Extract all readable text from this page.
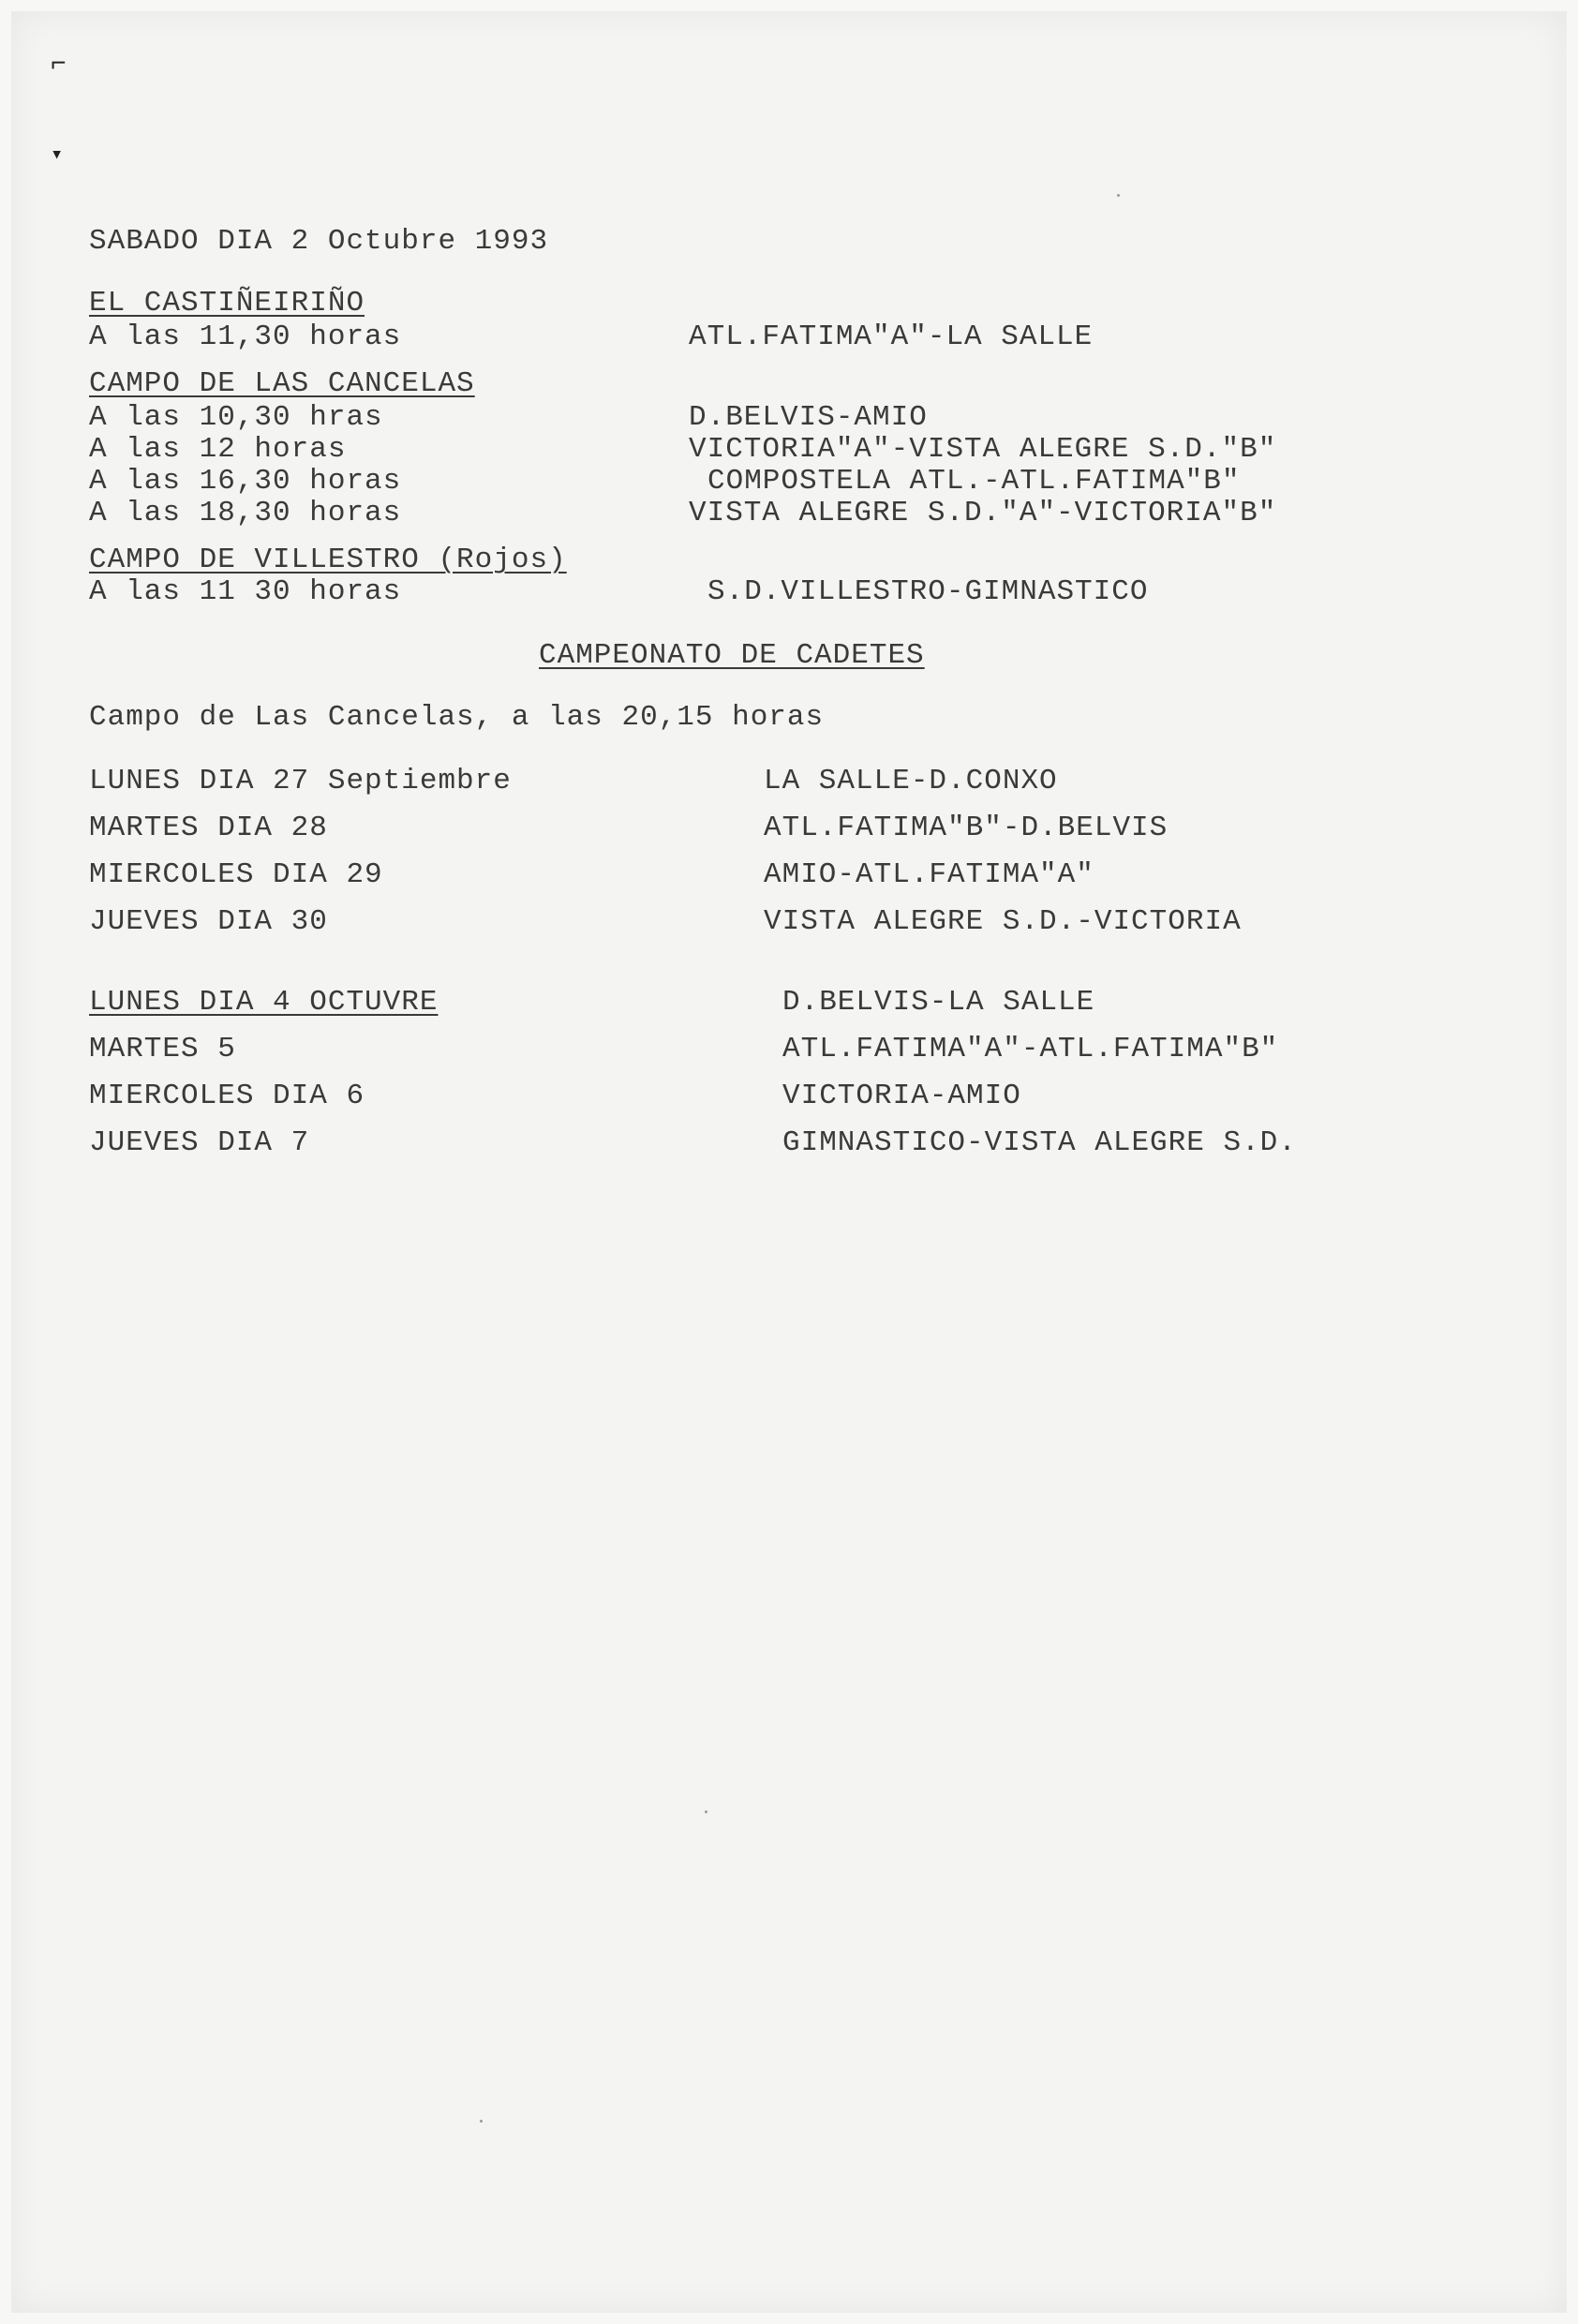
⌐
▾
SABADO DIA 2 Octubre 1993
EL CASTIÑEIRIÑO
A las 11,30 horas	ATL.FATIMA"A"-LA SALLE
CAMPO DE LAS CANCELAS
A las 10,30 hras	D.BELVIS-AMIO
A las 12 horas	VICTORIA"A"-VISTA ALEGRE S.D."B"
A las 16,30 horas	COMPOSTELA ATL.-ATL.FATIMA"B"
A las 18,30 horas	VISTA ALEGRE S.D."A"-VICTORIA"B"
CAMPO DE VILLESTRO (Rojos)
A las 11 30 horas	S.D.VILLESTRO-GIMNASTICO
CAMPEONATO DE CADETES
Campo de Las Cancelas, a las 20,15 horas
LUNES DIA 27 Septiembre	LA SALLE-D.CONXO
MARTES DIA 28	ATL.FATIMA"B"-D.BELVIS
MIERCOLES DIA 29	AMIO-ATL.FATIMA"A"
JUEVES DIA 30	VISTA ALEGRE S.D.-VICTORIA
LUNES DIA 4 OCTUVRE	D.BELVIS-LA SALLE
MARTES 5	ATL.FATIMA"A"-ATL.FATIMA"B"
MIERCOLES DIA 6	VICTORIA-AMIO
JUEVES DIA 7	GIMNASTICO-VISTA ALEGRE S.D.
